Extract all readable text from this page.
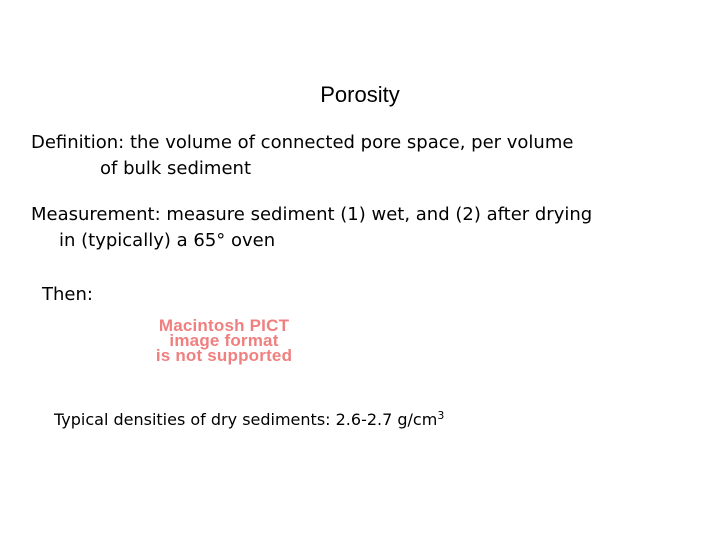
Porosity
Definition: the volume of connected pore space, per volume
of bulk sediment
Measurement: measure sediment (1) wet, and (2) after drying
in (typically) a 65° oven
Then:
Macintosh PICT
image format
is not supported
Typical densities of dry sediments: 2.6-2.7 $g/cm^3$
